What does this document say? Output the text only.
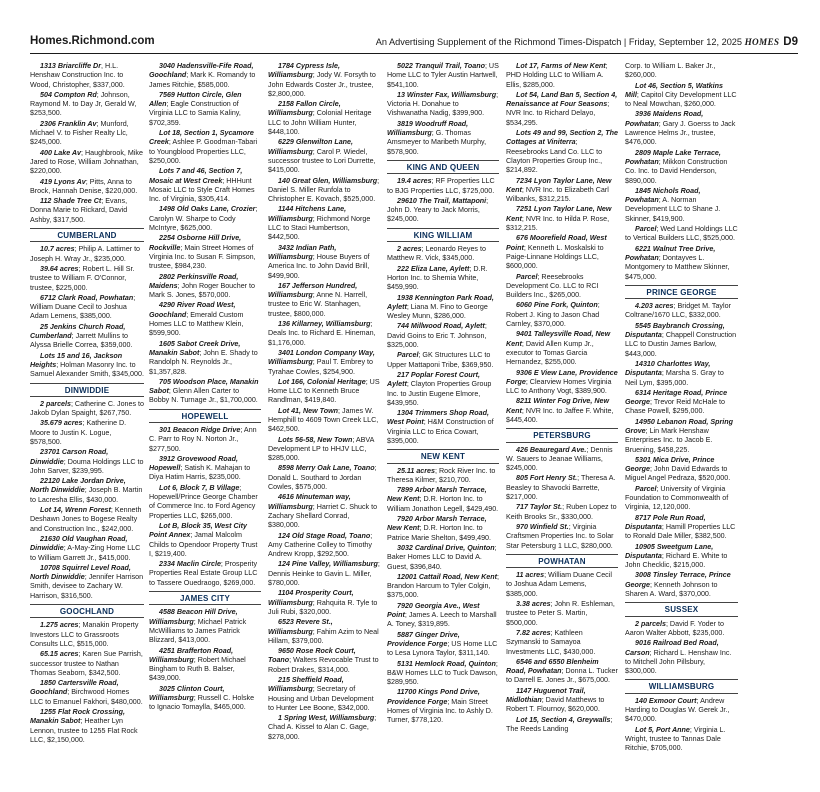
Homes.Richmond.com	An Advertising Supplement of the Richmond Times-Dispatch | Friday, September 12, 2025 HOMES D9
1313 Briarcliffe Dr, H.L. Henshaw Construction Inc. to Wood, Christopher, $337,000.
504 Compton Rd; Johnson, Raymond M. to Day Jr, Gerald W, $253,500.
2306 Franklin Av; Munford, Michael V. to Fisher Realty Llc, $245,000.
400 Lake Av; Haughbrook, Mike Jared to Rose, William Johnathan, $220,000.
419 Lyons Av; Pitts, Anna to Brock, Hannah Denise, $220,000.
112 Shade Tree Ct; Evans, Donna Marie to Rickard, David Ashby, $317,500.
CUMBERLAND
10.7 acres; Philip A. Lattimer to Joseph H. Wray Jr., $235,000.
39.64 acres; Robert L. Hill Sr. trustee to William F. O'Connor, trustee, $225,000.
6712 Clark Road, Powhatan; William Duane Cecil to Joshua Adam Lemens, $385,000.
25 Jenkins Church Road, Cumberland; Jarrett Mullins to Alyssa Brielle Correa, $359,000.
Lots 15 and 16, Jackson Heights; Holman Masonry Inc. to Samuel Alexander Smith, $345,000.
DINWIDDIE
2 parcels; Catherine C. Jones to Jakob Dylan Spaight, $267,750.
35.679 acres; Katherine D. Moore to Justin K. Logue, $578,500.
23701 Carson Road, Dinwiddie; Douma Holdings LLC to John Sarver, $239,995.
22120 Lake Jordan Drive, North Dinwiddie; Joseph B. Martin to Lacresha Ellis, $430,000.
Lot 14, Wrenn Forest; Kenneth Deshawn Jones to Bogese Realty and Construction Inc., $242,000.
21630 Old Vaughan Road, Dinwiddie; A-May-Zing Home LLC to William Garrett Jr., $415,000.
10708 Squirrel Level Road, North Dinwiddie; Jennifer Harrison Smith, devisee to Zachary W. Harrison, $316,500.
GOOCHLAND
1.275 acres; Manakin Property Investors LLC to Grassroots Consults LLC, $515,000.
65.15 acres; Karen Sue Parrish, successor trustee to Nathan Thomas Seaborn, $342,500.
1850 Cartersville Road, Goochland; Birchwood Homes LLC to Emanuel Fakhori, $480,000.
1255 Flat Rock Crossing, Manakin Sabot; Heather Lyn Lennon, trustee to 1255 Flat Rock LLC, $2,150,000.
3040 Hadensville-Fife Road, Goochland; Mark K. Romandy to James Ritchie, $585,000.
7569 Hutton Circle, Glen Allen; Eagle Construction of Virginia LLC to Samia Kaliny, $702,359.
Lot 18, Section 1, Sycamore Creek; Ashlee P. Goodman-Tabari to Youngblood Properties LLC, $250,000.
Lots 7 and 46, Section 7, Mosaic at West Creek; HHHunt Mosaic LLC to Style Craft Homes Inc. of Virginia, $305,414.
1498 Old Oaks Lane, Crozier; Carolyn W. Sharpe to Cody McIntyre, $625,000.
2254 Osborne Hill Drive, Rockville; Main Street Homes of Virginia Inc. to Susan F. Simpson, trustee, $984,230.
2802 Perkinsville Road, Maidens; John Roger Boucher to Mark S. Jones, $570,000.
4290 River Road West, Goochland; Emerald Custom Homes LLC to Matthew Klein, $599,900.
1605 Sabot Creek Drive, Manakin Sabot; John E. Shady to Randolph N. Reynolds Jr., $1,357,828.
705 Woodson Place, Manakin Sabot; Glenn Allen Carter to Bobby N. Turnage Jr., $1,700,000.
HOPEWELL
301 Beacon Ridge Drive; Ann C. Parr to Roy N. Norton Jr., $277,500.
3912 Grovewood Road, Hopewell; Satish K. Mahajan to Diya Hatim Harris, $235,000.
Lot 6, Block 7, B Village; Hopewell/Prince George Chamber of Commerce Inc. to Ford Agency Properties LLC, $265,000.
Lot B, Block 35, West City Point Annex; Jamal Malcolm Childs to Opendoor Property Trust I, $219,400.
2334 Maclin Circle; Prosperity Properties Real Estate Group LLC to Tassere Ouedraogo, $269,000.
JAMES CITY
4588 Beacon Hill Drive, Williamsburg; Michael Patrick McWilliams to James Patrick Blizzard, $413,000.
4251 Brafferton Road, Williamsburg; Robert Michael Bingham to Ruth B. Balser, $439,000.
3025 Clinton Court, Williamsburg; Russell C. Holske to Ignacio Tomaylla, $465,000.
1784 Cypress Isle, Williamsburg; Jody W. Forsyth to John Edwards Coster Jr., trustee, $2,800,000.
2158 Fallon Circle, Williamsburg; Colonial Heritage LLC to John William Hunter, $448,100.
6229 Glenwilton Lane, Williamsburg; Carol P. Wiedel, successor trustee to Lori Durrette, $415,000.
140 Great Glen, Williamsburg; Daniel S. Miller Runfola to Christopher E. Kovach, $525,000.
1144 Hitchens Lane, Williamsburg; Richmond Norge LLC to Staci Humbertson, $442,500.
3432 Indian Path, Williamsburg; House Buyers of America Inc. to John David Brill, $499,900.
167 Jefferson Hundred, Williamsburg; Anne N. Harrell, trustee to Eric W. Stanhagen, trustee, $800,000.
136 Killarney, Williamsburg; Deals Inc. to Richard E. Hineman, $1,176,000.
3401 London Company Way, Williamsburg; Paul T. Embrey to Tyrahae Cowles, $254,900.
Lot 166, Colonial Heritage; US Home LLC to Kenneth Bruce Randlman, $419,840.
Lot 41, New Town; James W. Hemphill to 4609 Town Creek LLC, $462,500.
Lots 56-58, New Town; ABVA Development LP to HHJV LLC, $285,000.
8598 Merry Oak Lane, Toano; Donald L. Southard to Jordan Cowles, $575,000.
4616 Minuteman way, Williamsburg; Harriet C. Shuck to Zachary Shellard Conrad, $380,000.
124 Old Stage Road, Toano; Amy Catherine Colley to Timothy Andrew Kropp, $292,500.
124 Pine Valley, Williamsburg; Dennis Heinke to Gavin L. Miller, $780,000.
1104 Prosperity Court, Williamsburg; Rahquita R. Tyle to Juli Rubi, $320,000.
6523 Revere St., Williamsburg; Fahim Azim to Neal Hillam, $379,000.
9650 Rose Rock Court, Toano; Walters Revocable Trust to Robert Drakes, $314,000.
215 Sheffield Road, Williamsburg; Secretary of Housing and Urban Development to Hunter Lee Boone, $342,000.
1 Spring West, Williamsburg; Chad A. Kissel to Alan C. Gage, $278,000.
5022 Tranquil Trail, Toano; US Home LLC to Tyler Austin Hartwell, $541,100.
13 Winster Fax, Williamsburg; Victoria H. Donahue to Vishwanatha Nadig, $399,900.
3819 Woodruff Road, Williamsburg; G. Thomas Amsmeyer to Maribeth Murphy, $578,900.
KING AND QUEEN
19.4 acres; RF Properties LLC to BJG Properties LLC, $725,000.
29610 The Trail, Mattaponi; John D. Yeary to Jack Morris, $245,000.
KING WILLIAM
2 acres; Leonardo Reyes to Matthew R. Vick, $345,000.
222 Eliza Lane, Aylett; D.R. Horton Inc. to Shemia White, $459,990.
1938 Kennington Park Road, Aylett; Liana M. Fino to George Wesley Munn, $286,000.
744 Millwood Road, Aylett; David Goins to Eric T. Johnson, $325,000.
Parcel; GK Structures LLC to Upper Mattaponi Tribe, $369,950.
217 Poplar Forest Court, Aylett; Clayton Properties Group Inc. to Justin Eugene Elmore, $439,950.
1304 Trimmers Shop Road, West Point; H&M Construction of Virginia LLC to Erica Cowart, $395,000.
NEW KENT
25.11 acres; Rock River Inc. to Theresa Kilmer, $210,700.
7899 Arbor Marsh Terrace, New Kent; D.R. Horton Inc. to William Jonathon Legell, $429,490.
7920 Arbor Marsh Terrace, New Kent; D.R. Horton Inc. to Patrice Marie Shelton, $499,490.
3032 Cardinal Drive, Quinton; Baker Homes LLC to David A. Guest, $396,840.
12001 Cattail Road, New Kent; Brandon Harcum to Tyler Colgin, $375,000.
7920 Georgia Ave., West Point; James A. Leech to Marshall A. Toney, $319,895.
5887 Ginger Drive, Providence Forge; US Home LLC to Lesa Lynora Taylor, $311,140.
5131 Hemlock Road, Quinton; B&W Homes LLC to Tuck Dawson, $289,950.
11700 Kings Pond Drive, Providence Forge; Main Street Homes of Virginia Inc. to Ashly D. Turner, $778,120.
Lot 17, Farms of New Kent; PHD Holding LLC to William A. Ellis, $285,000.
Lot 54, Land Ban 5, Section 4, Renaissance at Four Seasons; NVR Inc. to Richard Delayo, $534,295.
Lots 49 and 99, Section 2, The Cottages at Viniterra; Reesebrooks Land Co. LLC to Clayton Properties Group Inc., $214,892.
7234 Lyon Taylor Lane, New Kent; NVR Inc. to Elizabeth Carl Wilbanks, $312,215.
7251 Lyon Taylor Lane, New Kent; NVR Inc. to Hilda P. Rose, $312,215.
676 Moorefield Road, West Point; Kenneth L. Moskalski to Paige-Linnane Holdings LLC, $600,000.
Parcel; Reesebrooks Development Co. LLC to RCI Builders Inc., $265,000.
6060 Pine Fork, Quinton; Robert J. King to Jason Chad Carnley, $370,000.
9401 Talleysville Road, New Kent; David Allen Kump Jr., executor to Tomas Garcia Hernandez, $255,000.
9306 E View Lane, Providence Forge; Clearview Homes Virginia LLC to Anthony Vogt, $389,900.
8211 Winter Fog Drive, New Kent; NVR Inc. to Jaffee F. White, $445,400.
PETERSBURG
426 Beauregard Ave.; Dennis W. Sauers to Jeanae Williams, $245,000.
805 Fort Henry St.; Theresa A. Beasley to Shavocki Barrette, $217,000.
717 Taylor St.; Ruben Lopez to Keith Brooks Sr., $330,000.
970 Winfield St.; Virginia Craftsmen Properties Inc. to Solar Star Petersburg 1 LLC, $280,000.
POWHATAN
11 acres; William Duane Cecil to Joshua Adam Lemens, $385,000.
3.38 acres; John R. Eshleman, trustee to Peter S. Martin, $500,000.
7.82 acres; Kathleen Szymanski to Samayoa Investments LLC, $430,000.
6546 and 6550 Blenheim Road, Powhatan; Donna L. Tucker to Darrell E. Jones Jr., $675,000.
1147 Huguenot Trail, Midlothian; David Matthews to Robert T. Flournoy, $620,000.
Lot 15, Section 4, Greywalls; The Reeds Landing
Corp. to William L. Baker Jr., $260,000.
Lot 46, Section 5, Watkins Mill; Capitol City Development LLC to Neal Mowchan, $260,000.
3936 Maidens Road, Powhatan; Gary J. Goerss to Jack Lawrence Helms Jr., trustee, $476,000.
2809 Maple Lake Terrace, Powhatan; Mikkon Construction Co. Inc. to David Henderson, $890,000.
1845 Nichols Road, Powhatan; A. Norman Development LLC to Shane J. Skinner, $419,900.
Parcel; Wed Land Holdings LLC to Vertical Builders LLC, $525,000.
6221 Walnut Tree Drive, Powhatan; Dontayves L. Montgomery to Matthew Skinner, $475,000.
PRINCE GEORGE
4.203 acres; Bridget M. Taylor Coltrane/1670 LLC, $332,000.
5545 Baybranch Crossing, Disputanta; Chappell Construction LLC to Dustin James Barlow, $443,000.
14310 Charlottes Way, Disputanta; Marsha S. Gray to Neil Lym, $395,000.
6314 Heritage Road, Prince George; Trevor Reid McHale to Chase Powell, $295,000.
14950 Lebanon Road, Spring Grove; Lin Mark Henshaw Enterprises Inc. to Jacob E. Bruening, $458,225.
5301 Mica Drive, Prince George; John David Edwards to Miguel Angel Pedraza, $520,000.
Parcel; University of Virginia Foundation to Commonwealth of Virginia, 12,120,000.
8717 Pole Run Road, Disputanta; Hamill Properties LLC to Ronald Dale Miller, $382,500.
10905 Sweetgum Lane, Disputanta; Richard E. White to John Checklic, $215,000.
3008 Tinsley Terrace, Prince George; Kenneth Johnson to Sharen A. Ward, $370,000.
SUSSEX
2 parcels; David F. Yoder to Aaron Walter Abbott, $235,000.
9016 Railroad Bed Road, Carson; Richard L. Henshaw Inc. to Mitchell John Pillsbury, $300,000.
WILLIAMSBURG
140 Exmoor Court; Andrew Harding to Douglas W. Gerek Jr., $470,000.
Lot 5, Port Anne; Virginia L. Wright, trustee to Tannas Dale Ritchie, $705,000.
